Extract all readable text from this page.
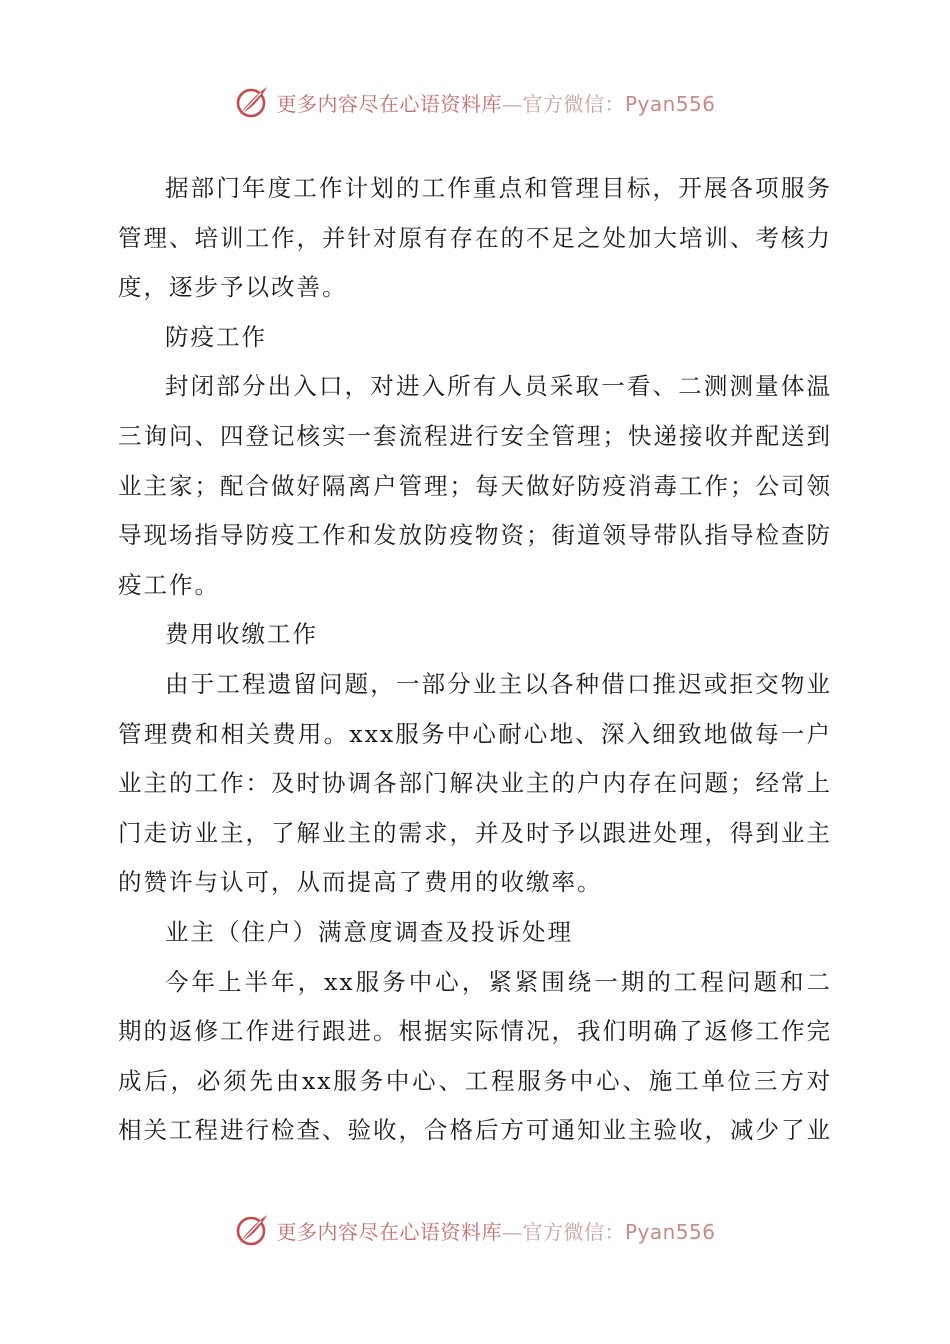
更多内容尽在心语资料库—官方微信：Pyan556

据部门年度工作计划的工作重点和管理目标，开展各项服务管理、培训工作，并针对原有存在的不足之处加大培训、考核力度，逐步予以改善。

防疫工作

封闭部分出入口，对进入所有人员采取一看、二测测量体温三询问、四登记核实一套流程进行安全管理；快递接收并配送到业主家；配合做好隔离户管理；每天做好防疫消毒工作；公司领导现场指导防疫工作和发放防疫物资；街道领导带队指导检查防疫工作。

费用收缴工作

由于工程遗留问题，一部分业主以各种借口推迟或拒交物业管理费和相关费用。xxx服务中心耐心地、深入细致地做每一户业主的工作：及时协调各部门解决业主的户内存在问题；经常上门走访业主，了解业主的需求，并及时予以跟进处理，得到业主的赞许与认可，从而提高了费用的收缴率。

业主（住户）满意度调查及投诉处理

今年上半年，xx服务中心，紧紧围绕一期的工程问题和二期的返修工作进行跟进。根据实际情况，我们明确了返修工作完成后，必须先由xx服务中心、工程服务中心、施工单位三方对相关工程进行检查、验收，合格后方可通知业主验收，减少了业

更多内容尽在心语资料库—官方微信：Pyan556
